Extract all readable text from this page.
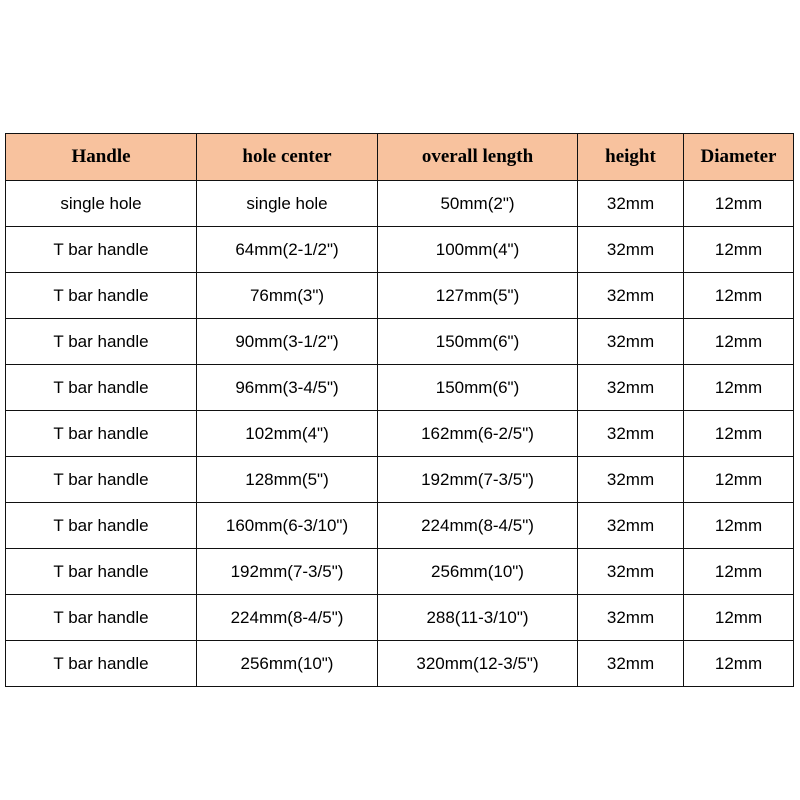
Handle	hole center	overall length	height	Diameter
single hole	single hole	50mm(2")	32mm	12mm
T bar handle	64mm(2-1/2")	100mm(4")	32mm	12mm
T bar handle	76mm(3")	127mm(5")	32mm	12mm
T bar handle	90mm(3-1/2")	150mm(6")	32mm	12mm
T bar handle	96mm(3-4/5")	150mm(6")	32mm	12mm
T bar handle	102mm(4")	162mm(6-2/5")	32mm	12mm
T bar handle	128mm(5")	192mm(7-3/5")	32mm	12mm
T bar handle	160mm(6-3/10")	224mm(8-4/5")	32mm	12mm
T bar handle	192mm(7-3/5")	256mm(10")	32mm	12mm
T bar handle	224mm(8-4/5")	288(11-3/10")	32mm	12mm
T bar handle	256mm(10")	320mm(12-3/5")	32mm	12mm
